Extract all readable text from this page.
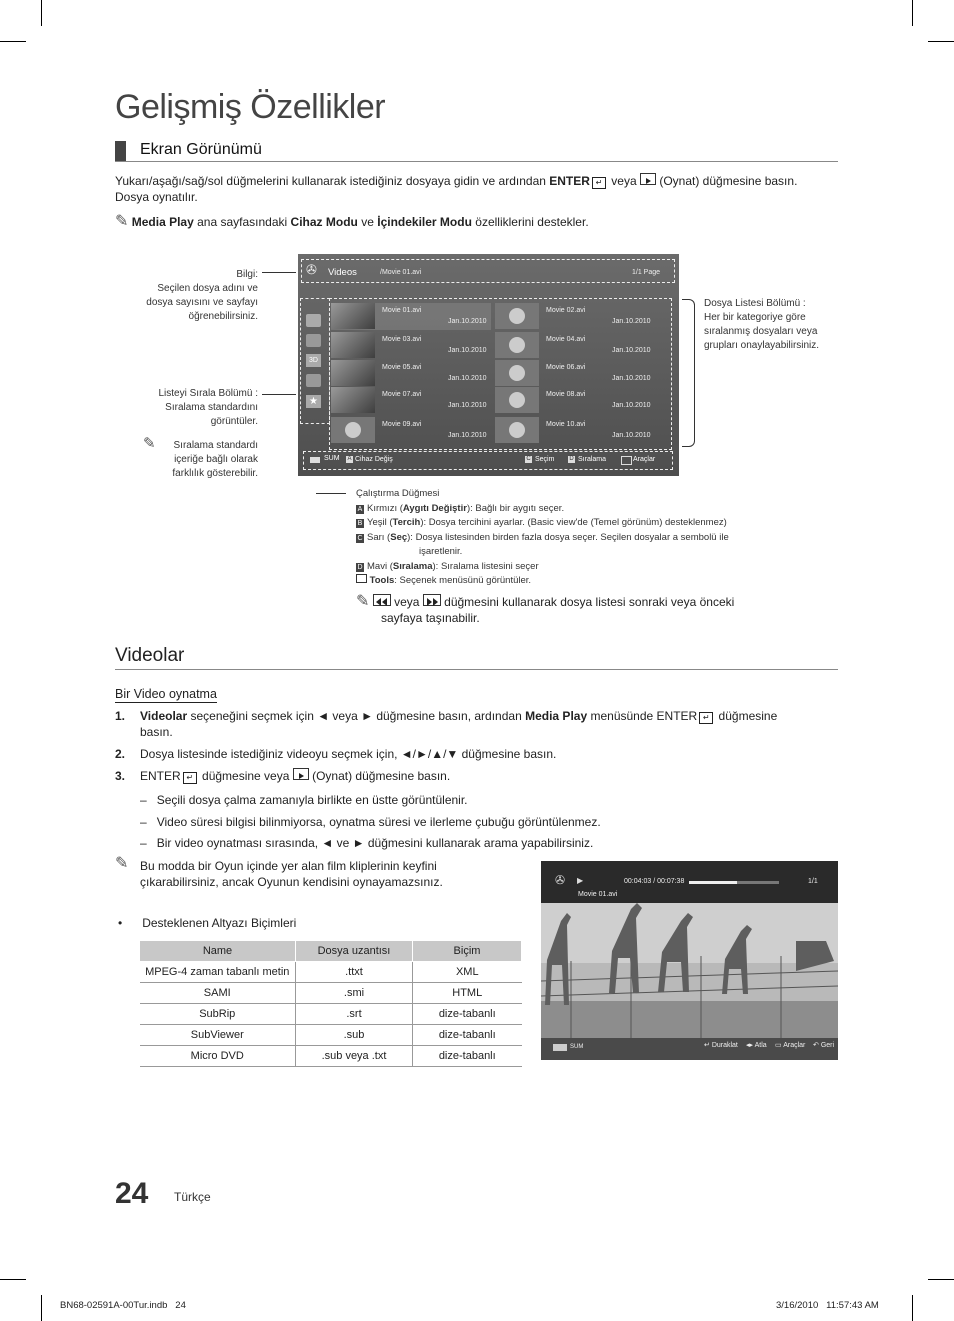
Gelişmiş Özellikler
Ekran Görünümü
Yukarı/aşağı/sağ/sol düğmelerini kullanarak istediğiniz dosyaya gidin ve ardından ENTER ↵ veya (Oynat) düğmesine basın.
Dosya oynatılır.
✎ Media Play ana sayfasındaki Cihaz Modu ve İçindekiler Modu özelliklerini destekler.
Bilgi:
Seçilen dosya adını ve
dosya sayısını ve sayfayı
öğrenebilirsiniz.
Listeyi Sırala Bölümü :
Sıralama standardını
görüntüler.
✎	Sıralama standardı
içeriğe bağlı olarak
farklılık gösterebilir.
Dosya Listesi Bölümü :
Her bir kategoriye göre
sıralanmış dosyaları veya
grupları onaylayabilirsiniz.
✇ Videos	/Movie 01.avi	1/1 Page
3D
★
Movie 01.avi
Jan.10.2010
Movie 02.avi
Jan.10.2010
Movie 03.avi
Jan.10.2010
Movie 04.avi
Jan.10.2010
Movie 05.avi
Jan.10.2010
Movie 06.avi
Jan.10.2010
Movie 07.avi
Jan.10.2010
Movie 08.avi
Jan.10.2010
Movie 09.avi
Jan.10.2010
Movie 10.avi
Jan.10.2010
SUM A Cihaz Değiş	C Seçim D Sıralama	Araçlar
Çalıştırma Düğmesi
A Kırmızı (Aygıtı Değiştir): Bağlı bir aygıtı seçer.
B Yeşil (Tercih): Dosya tercihini ayarlar. (Basic view'de (Temel görünüm) desteklenmez)
C Sarı (Seç): Dosya listesinden birden fazla dosya seçer. Seçilen dosyalar a sembolü ile
işaretlenir.
D Mavi (Sıralama): Sıralama listesini seçer
Tools: Seçenek menüsünü görüntüler.
✎ veya düğmesini kullanarak dosya listesi sonraki veya önceki
sayfaya taşınabilir.
Videolar
Bir Video oynatma
1. Videolar seçeneğini seçmek için ◄ veya ► düğmesine basın, ardından Media Play menüsünde ENTER ↵ düğmesine
basın.
2. Dosya listesinde istediğiniz videoyu seçmek için, ◄/►/▲/▼ düğmesine basın.
3. ENTER ↵ düğmesine veya (Oynat) düğmesine basın.
–   Seçili dosya çalma zamanıyla birlikte en üstte görüntülenir.
–   Video süresi bilgisi bilinmiyorsa, oynatma süresi ve ilerleme çubuğu görüntülenmez.
–   Bir video oynatması sırasında, ◄ ve ► düğmesini kullanarak arama yapabilirsiniz.
✎ Bu modda bir Oyun içinde yer alan film kliplerinin keyfini
çıkarabilirsiniz, ancak Oyunun kendisini oynayamazsınız.
•      Desteklenen Altyazı Biçimleri
Name	Dosya uzantısı	Biçim
MPEG-4 zaman tabanlı metin	.ttxt	XML
SAMI	.smi	HTML
SubRip	.srt	dize-tabanlı
SubViewer	.sub	dize-tabanlı
Micro DVD	.sub veya .txt	dize-tabanlı
✇ ▶	00:04:03 / 00:07:38	1/1
Movie 01.avi
SUM	↵ Duraklat ◂▸ Atla ▭ Araçlar ↶ Geri
24 Türkçe
BN68-02591A-00Tur.indb   24	3/16/2010   11:57:43 AM
